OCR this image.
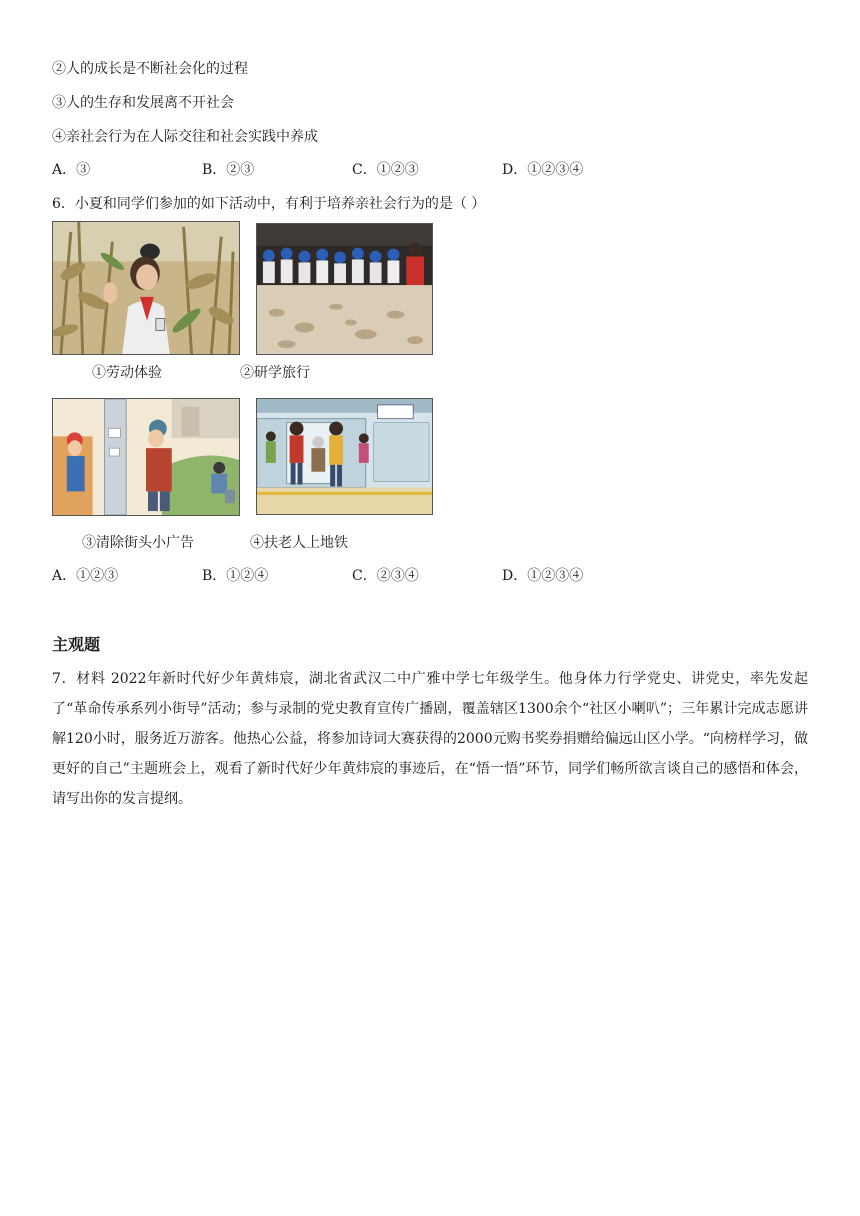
②人的成长是不断社会化的过程
③人的生存和发展离不开社会
④亲社会行为在人际交往和社会实践中养成
A．③	B．②③	C．①②③	D．①②③④
6．小夏和同学们参加的如下活动中，有利于培养亲社会行为的是（ ）
①劳动体验	②研学旅行
③清除街头小广告	④扶老人上地铁
A．①②③	B．①②④	C．②③④	D．①②③④
主观题
7．材料 2022年新时代好少年黄炜宸，湖北省武汉二中广雅中学七年级学生。他身体力行学党史、讲党史，率先发起了“革命传承系列小街导”活动；参与录制的党史教育宣传广播剧，覆盖辖区1300余个“社区小喇叭”；三年累计完成志愿讲解120小时，服务近万游客。他热心公益，将参加诗词大赛获得的2000元购书奖券捐赠给偏远山区小学。“向榜样学习，做更好的自己”主题班会上，观看了新时代好少年黄炜宸的事迹后，在“悟一悟”环节，同学们畅所欲言谈自己的感悟和体会，请写出你的发言提纲。
